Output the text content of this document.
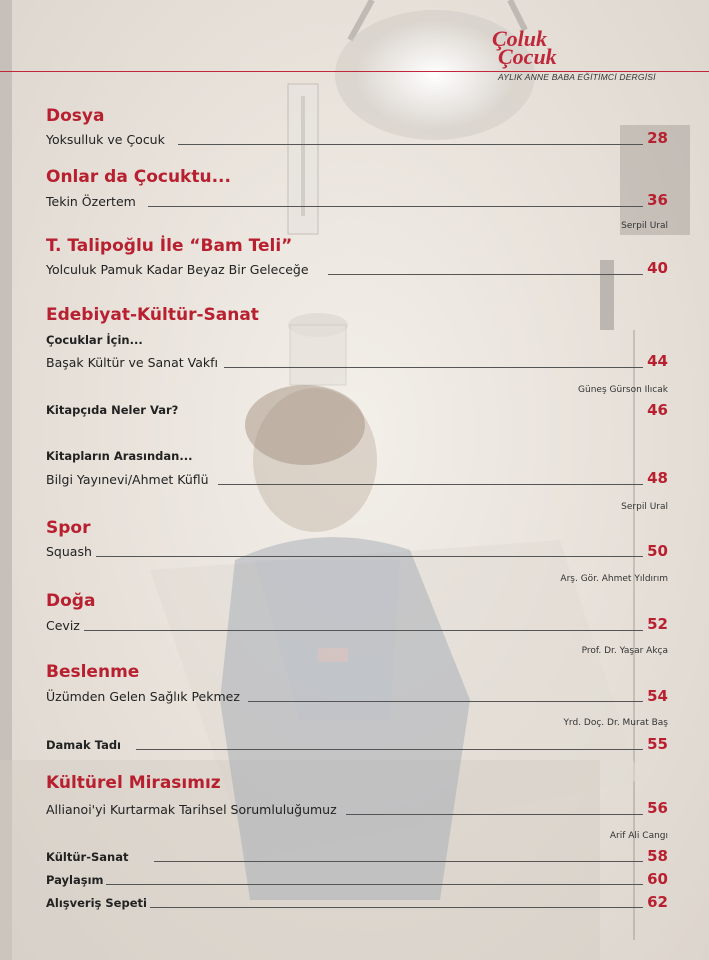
Çoluk
Çocuk
AYLIK ANNE BABA EĞİTİMCİ DERGİSİ
Dosya
Yoksulluk ve Çocuk	28
Onlar da Çocuktu...
Tekin Özertem	36
Serpil Ural
T. Talipoğlu İle “Bam Teli”
Yolculuk Pamuk Kadar Beyaz Bir Geleceğe	40
Edebiyat-Kültür-Sanat
Çocuklar İçin...
Başak Kültür ve Sanat Vakfı	44
Güneş Gürson Ilıcak
Kitapçıda Neler Var?	46
Kitapların Arasından...
Bilgi Yayınevi/Ahmet Küflü	48
Serpil Ural
Spor
Squash	50
Arş. Gör. Ahmet Yıldırım
Doğa
Ceviz	52
Prof. Dr. Yaşar Akça
Beslenme
Üzümden Gelen Sağlık Pekmez	54
Yrd. Doç. Dr. Murat Baş
Damak Tadı	55
Kültürel Mirasımız
Allianoi'yi Kurtarmak Tarihsel Sorumluluğumuz	56
Arif Ali Cangı
Kültür-Sanat	58
Paylaşım	60
Alışveriş Sepeti	62
